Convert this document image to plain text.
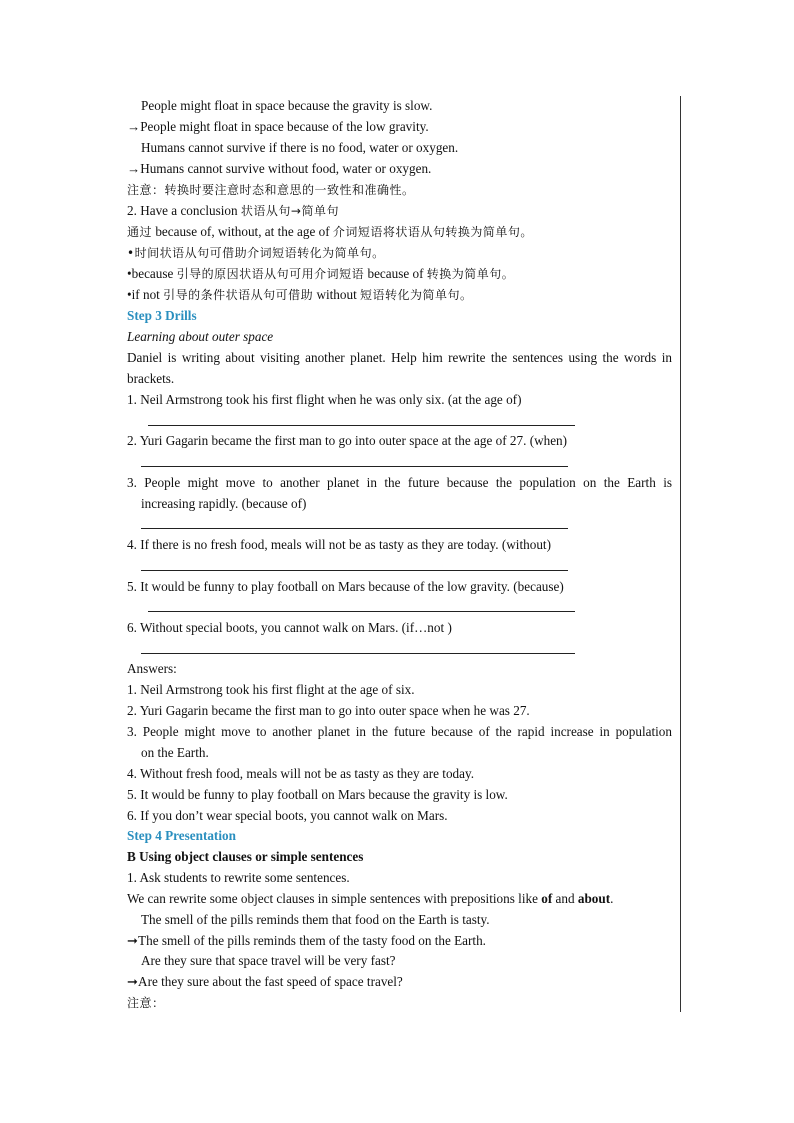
People might float in space because the gravity is slow.
→People might float in space because of the low gravity.
Humans cannot survive if there is no food, water or oxygen.
→Humans cannot survive without food, water or oxygen.
注意：转换时要注意时态和意思的一致性和准确性。
2. Have a conclusion 状语从句→简单句
通过 because of, without, at the age of 介词短语将状语从句转换为简单句。
•时间状语从句可借助介词短语转化为简单句。
•because 引导的原因状语从句可用介词短语 because of 转换为简单句。
•if not 引导的条件状语从句可借助 without 短语转化为简单句。
Step 3 Drills
Learning about outer space
Daniel is writing about visiting another planet. Help him rewrite the sentences using the words in
brackets.
1. Neil Armstrong took his first flight when he was only six. (at the age of)
2. Yuri Gagarin became the first man to go into outer space at the age of 27. (when)
3. People might move to another planet in the future because the population on the Earth is
increasing rapidly. (because of)
4. If there is no fresh food, meals will not be as tasty as they are today. (without)
5. It would be funny to play football on Mars because of the low gravity. (because)
6. Without special boots, you cannot walk on Mars. (if…not )
Answers:
1. Neil Armstrong took his first flight at the age of six.
2. Yuri Gagarin became the first man to go into outer space when he was 27.
3. People might move to another planet in the future because of the rapid increase in population
on the Earth.
4. Without fresh food, meals will not be as tasty as they are today.
5. It would be funny to play football on Mars because the gravity is low.
6. If you don’t wear special boots, you cannot walk on Mars.
Step 4 Presentation
B Using object clauses or simple sentences
1. Ask students to rewrite some sentences.
We can rewrite some object clauses in simple sentences with prepositions like of and about.
The smell of the pills reminds them that food on the Earth is tasty.
➞The smell of the pills reminds them of the tasty food on the Earth.
Are they sure that space travel will be very fast?
➞Are they sure about the fast speed of space travel?
注意：
